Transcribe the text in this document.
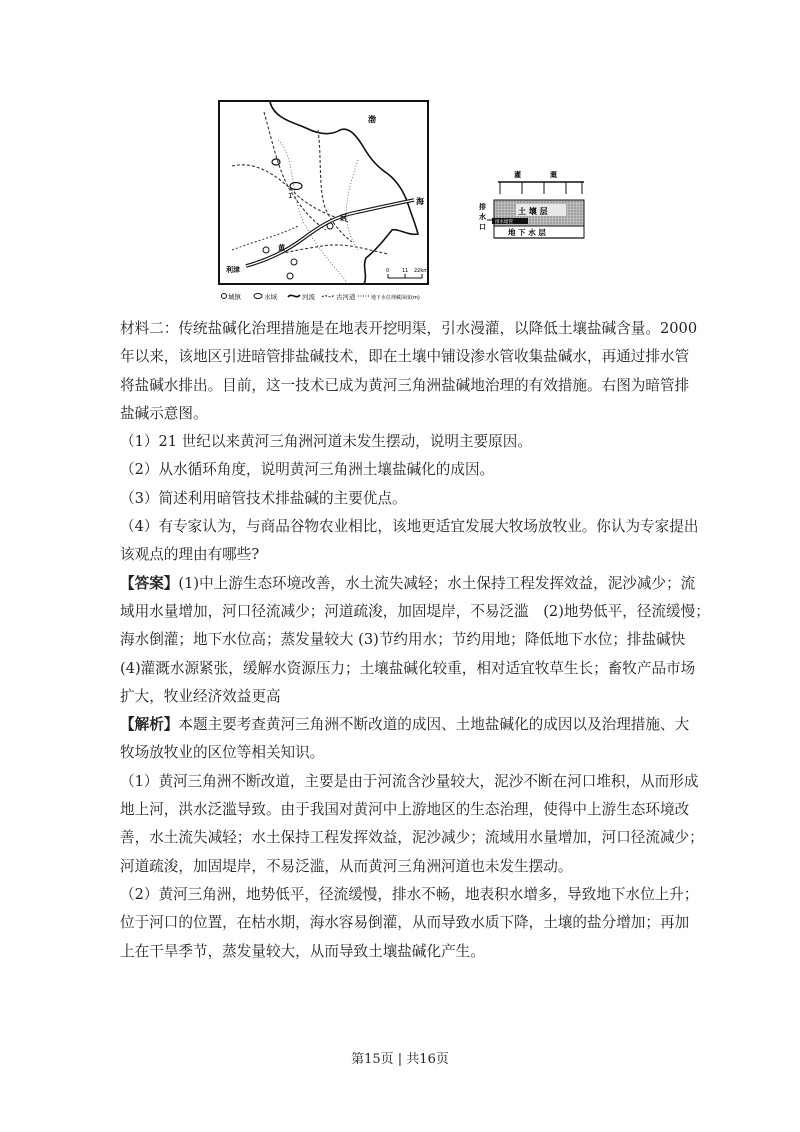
渤
海
河
黄
利津
1
0	11 22km
城镇	水域	河流	古河道	地下水位埋藏深度(m)
灌	溉
土 壤 层
排水暗管
地 下 水 层
排
水
口

材料二：传统盐碱化治理措施是在地表开挖明渠，引水漫灌，以降低土壤盐碱含量。2000
年以来，该地区引进暗管排盐碱技术，即在土壤中铺设渗水管收集盐碱水，再通过排水管
将盐碱水排出。目前，这一技术已成为黄河三角洲盐碱地治理的有效措施。右图为暗管排
盐碱示意图。

（1）21 世纪以来黄河三角洲河道未发生摆动，说明主要原因。

（2）从水循环角度，说明黄河三角洲土壤盐碱化的成因。

（3）简述利用暗管技术排盐碱的主要优点。

（4）有专家认为，与商品谷物农业相比，该地更适宜发展大牧场放牧业。你认为专家提出
该观点的理由有哪些?

【答案】(1)中上游生态环境改善，水土流失减轻；水土保持工程发挥效益，泥沙减少；流
域用水量增加，河口径流减少；河道疏浚，加固堤岸，不易泛滥　(2)地势低平，径流缓慢；
海水倒灌；地下水位高；蒸发量较大 (3)节约用水；节约用地；降低地下水位；排盐碱快
(4)灌溉水源紧张，缓解水资源压力；土壤盐碱化较重，相对适宜牧草生长；畜牧产品市场
扩大，牧业经济效益更高

【解析】本题主要考查黄河三角洲不断改道的成因、土地盐碱化的成因以及治理措施、大
牧场放牧业的区位等相关知识。

（1）黄河三角洲不断改道，主要是由于河流含沙量较大，泥沙不断在河口堆积，从而形成
地上河，洪水泛滥导致。由于我国对黄河中上游地区的生态治理，使得中上游生态环境改
善，水土流失减轻；水土保持工程发挥效益，泥沙减少；流域用水量增加，河口径流减少；
河道疏浚，加固堤岸，不易泛滥，从而黄河三角洲河道也未发生摆动。

（2）黄河三角洲，地势低平，径流缓慢，排水不畅，地表积水增多，导致地下水位上升；
位于河口的位置，在枯水期，海水容易倒灌，从而导致水质下降，土壤的盐分增加；再加
上在干旱季节，蒸发量较大，从而导致土壤盐碱化产生。

第15页 | 共16页
